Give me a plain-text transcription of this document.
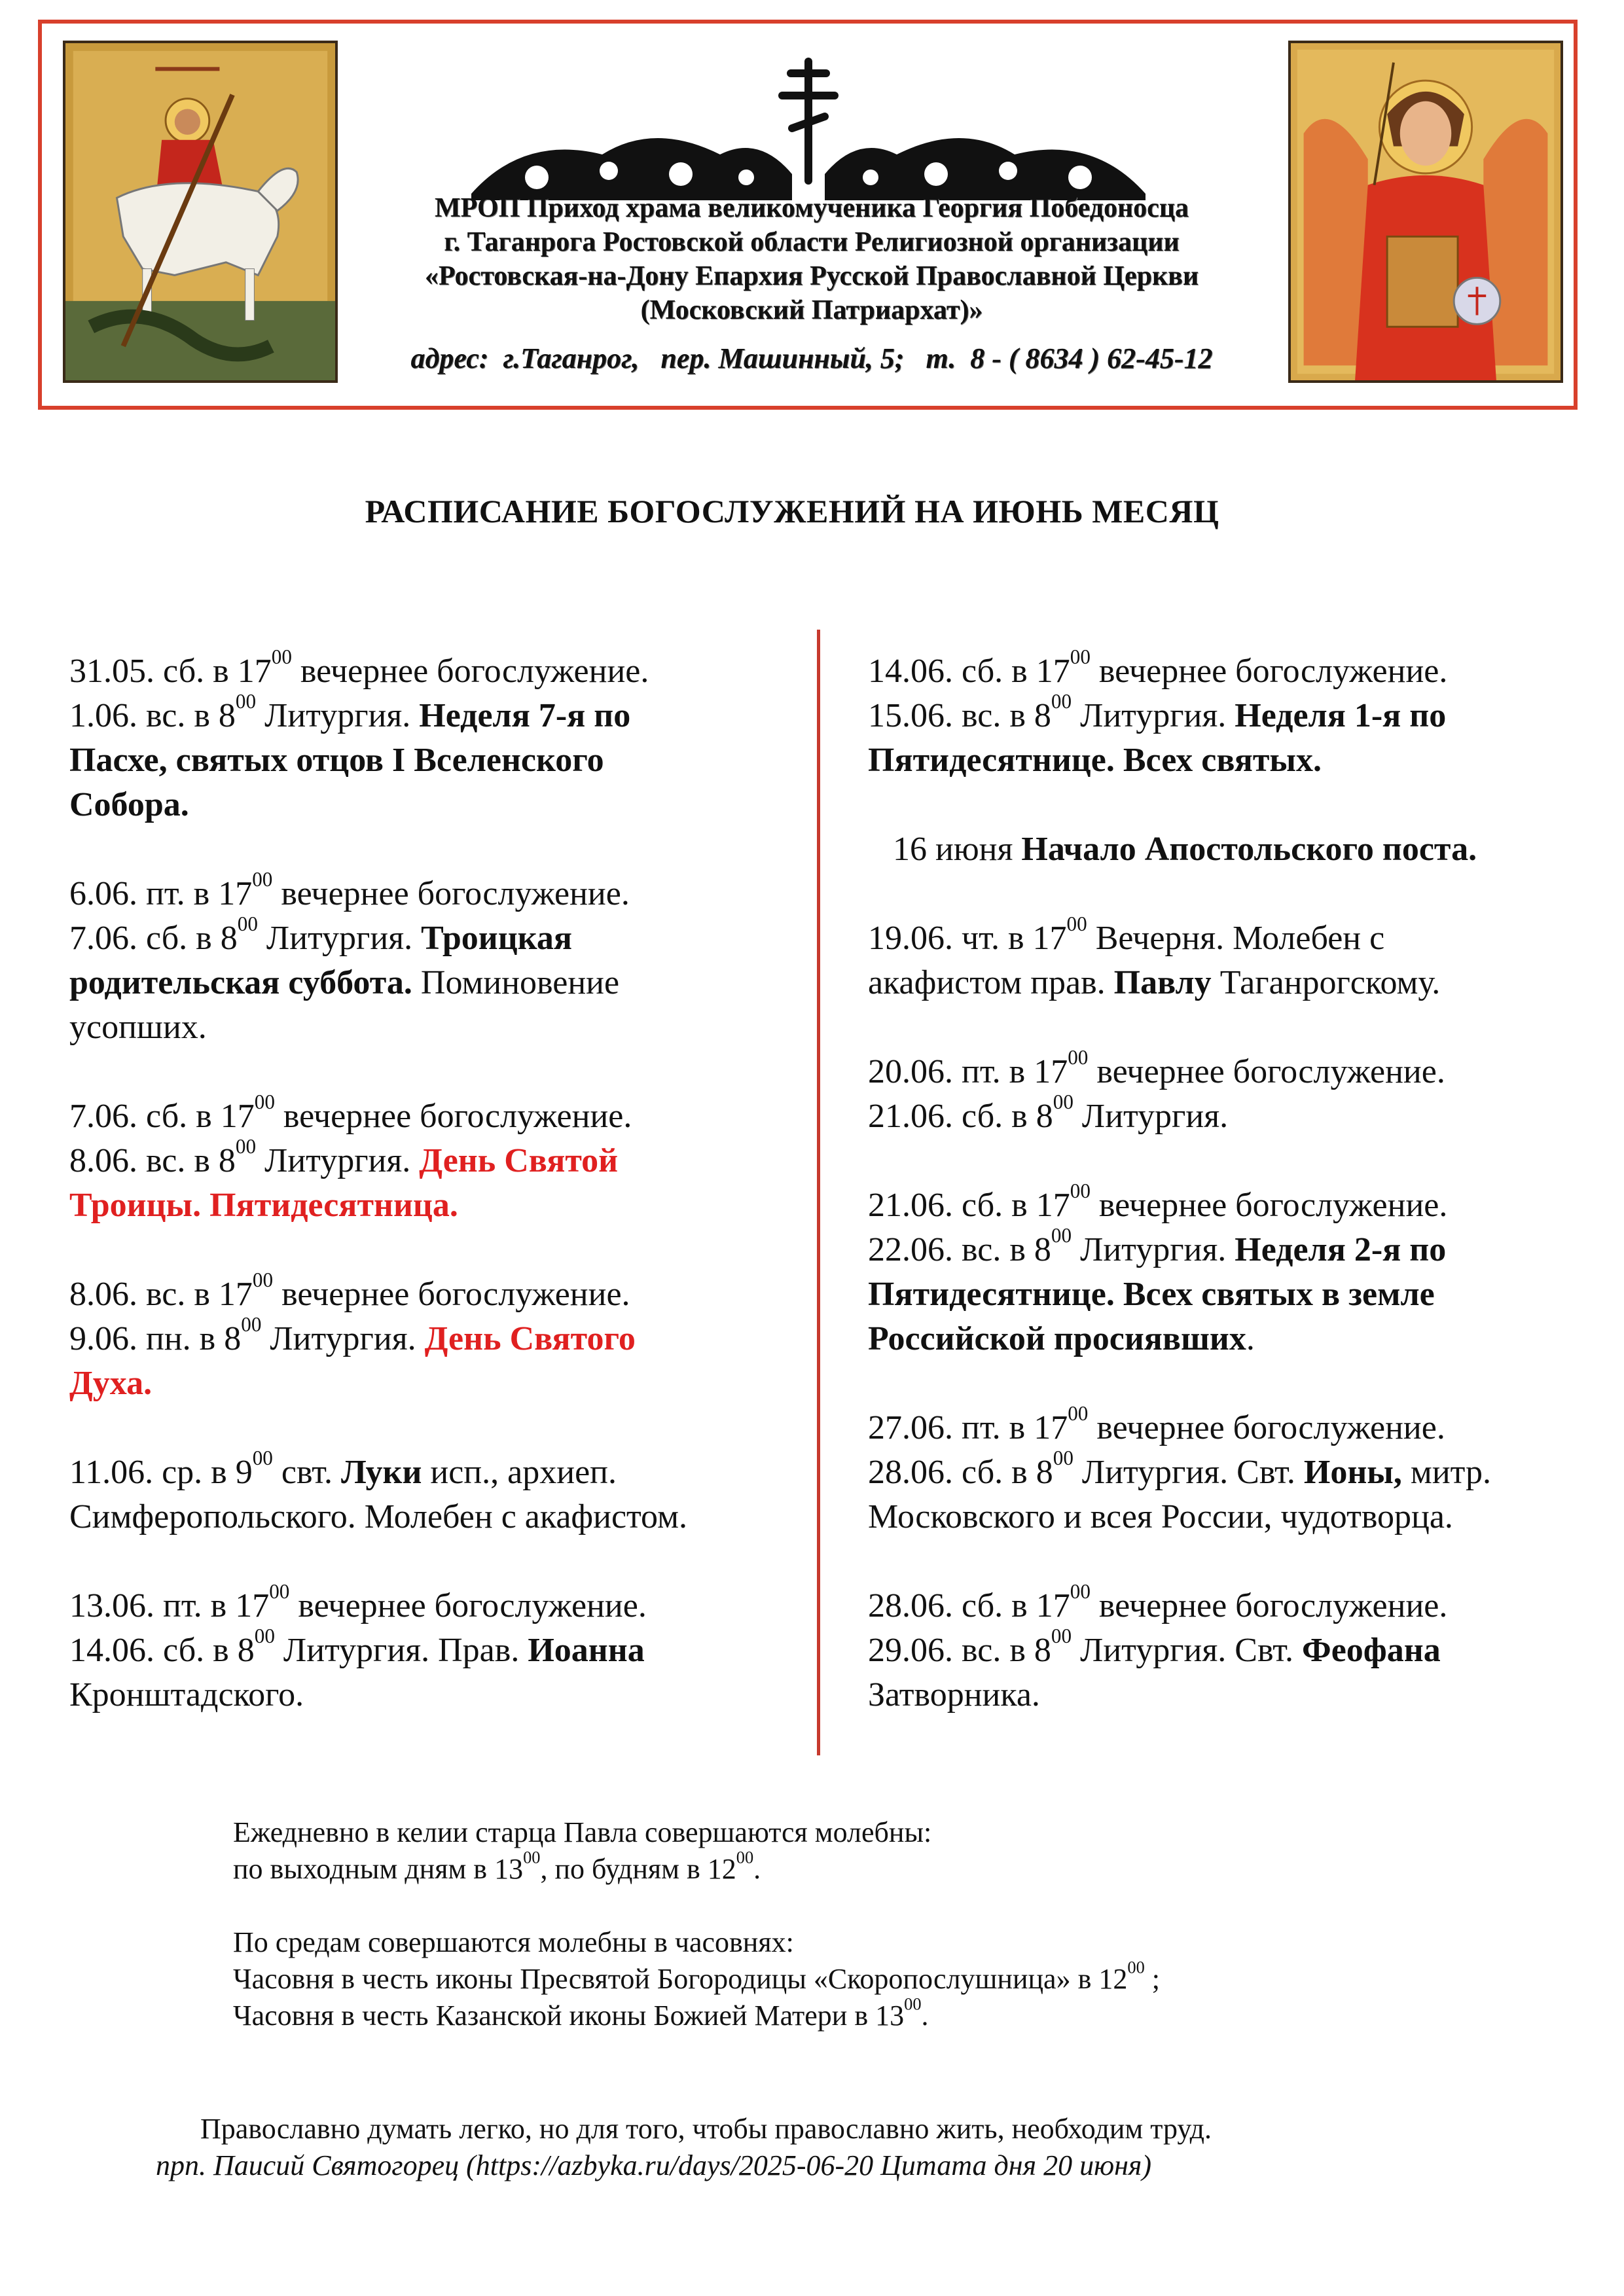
МРОП Приход храма великомученика Георгия Победоносца
г. Таганрога Ростовской области Религиозной организации
«Ростовская-на-Дону Епархия Русской Православной Церкви
(Московский Патриархат)»
адрес:  г.Таганрог,   пер. Машинный, 5;   т.  8 - ( 8634 ) 62-45-12
РАСПИСАНИЕ БОГОСЛУЖЕНИЙ НА ИЮНЬ МЕСЯЦ
31.05. сб. в $17^{00}$ вечернее богослужение.
1.06. вс. в $8^{00}$ Литургия. Неделя 7-я по
Пасхе, святых отцов I Вселенского
Собора.
6.06. пт. в $17^{00}$ вечернее богослужение.
7.06. сб. в $8^{00}$ Литургия. Троицкая
родительская суббота. Поминовение
усопших.
7.06. сб. в $17^{00}$ вечернее богослужение.
8.06. вс. в $8^{00}$ Литургия. День Святой
Троицы. Пятидесятница.
8.06. вс. в $17^{00}$ вечернее богослужение.
9.06. пн. в $8^{00}$ Литургия. День Святого
Духа.
11.06. ср. в $9^{00}$ свт. Луки исп., архиеп.
Симферопольского. Молебен с акафистом.
13.06. пт. в $17^{00}$ вечернее богослужение.
14.06. сб. в $8^{00}$ Литургия. Прав. Иоанна
Кронштадского.
14.06. сб. в $17^{00}$ вечернее богослужение.
15.06. вс. в $8^{00}$ Литургия. Неделя 1-я по
Пятидесятнице. Всех святых.
16 июня Начало Апостольского поста.
19.06. чт. в $17^{00}$ Вечерня. Молебен с
акафистом прав. Павлу Таганрогскому.
20.06. пт. в $17^{00}$ вечернее богослужение.
21.06. сб. в $8^{00}$ Литургия.
21.06. сб. в $17^{00}$ вечернее богослужение.
22.06. вс. в $8^{00}$ Литургия. Неделя 2-я по
Пятидесятнице. Всех святых в земле
Российской просиявших.
27.06. пт. в $17^{00}$ вечернее богослужение.
28.06. сб. в $8^{00}$ Литургия. Свт. Ионы, митр.
Московского и всея России, чудотворца.
28.06. сб. в $17^{00}$ вечернее богослужение.
29.06. вс. в $8^{00}$ Литургия. Свт. Феофана
Затворника.
Ежедневно в келии старца Павла совершаются молебны:
по выходным дням в $13^{00}$, по будням в $12^{00}$.
По средам совершаются молебны в часовнях:
Часовня в честь иконы Пресвятой Богородицы «Скоропослушница» в $12^{00}$ ;
Часовня в честь Казанской иконы Божией Матери в $13^{00}$.
Православно думать легко, но для того, чтобы православно жить, необходим труд.
прп. Паисий Святогорец (https://azbyka.ru/days/2025-06-20 Цитата дня 20 июня)
